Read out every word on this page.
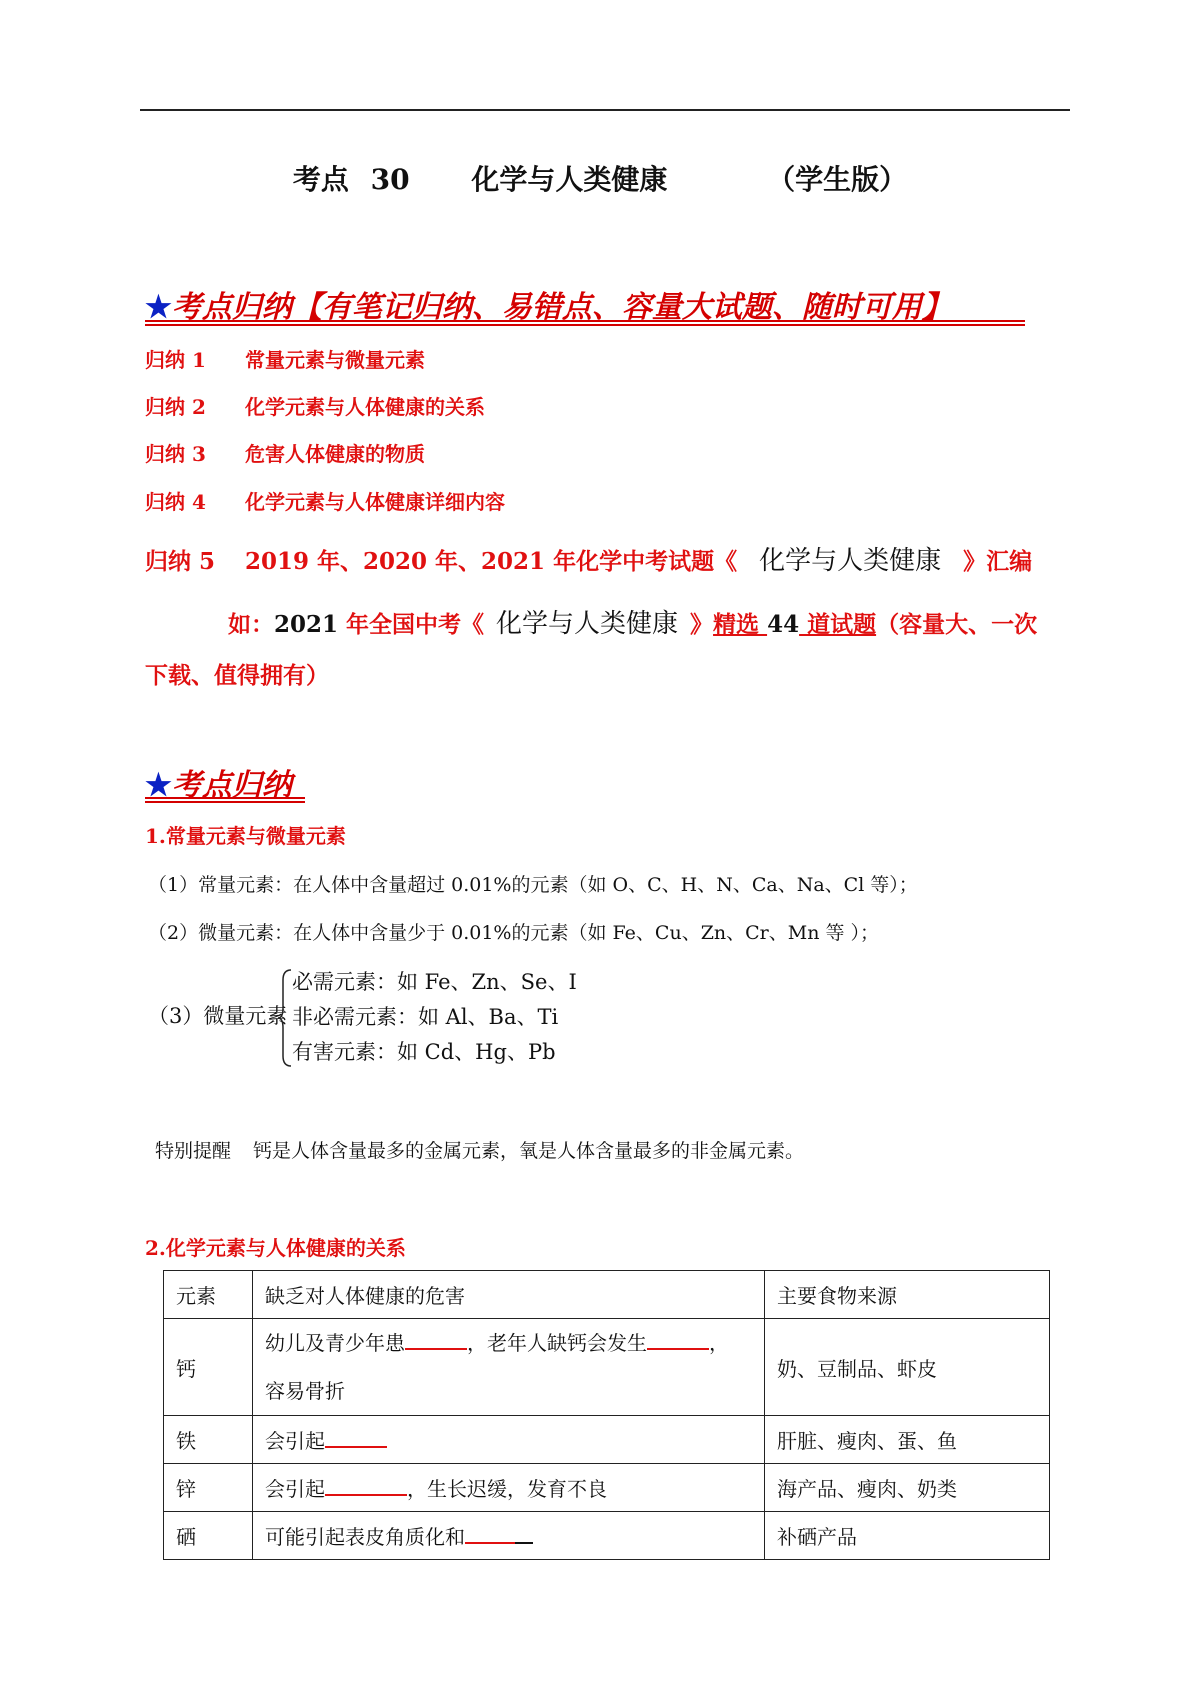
考点 30 化学与人类健康	（学生版）
★考点归纳【有笔记归纳、易错点、容量大试题、随时可用】
归纳 1 常量元素与微量元素
归纳 2 化学元素与人体健康的关系
归纳 3 危害人体健康的物质
归纳 4 化学元素与人体健康详细内容
归纳 5 2019 年、2020 年、2021 年化学中考试题《 化学与人类健康 》汇编
如：2021 年全国中考《 化学与人类健康 》精选 44 道试题（容量大、一次
下载、值得拥有）
★考点归纳
1.常量元素与微量元素
（1）常量元素：在人体中含量超过 0.01%的元素（如 O、C、H、N、Ca、Na、Cl 等）；
（2）微量元素：在人体中含量少于 0.01%的元素（如 Fe、Cu、Zn、Cr、Mn 等 ）；
（3）微量元素
必需元素：如 Fe、Zn、Se、I
非必需元素：如 Al、Ba、Ti
有害元素：如 Cd、Hg、Pb
特别提醒 钙是人体含量最多的金属元素，氧是人体含量最多的非金属元素。
2.化学元素与人体健康的关系
元素	缺乏对人体健康的危害	主要食物来源
钙	幼儿及青少年患 ，老年人缺钙会发生 ，
容易骨折	奶、豆制品、虾皮
铁	会引起	肝脏、瘦肉、蛋、鱼
锌	会引起 ，生长迟缓，发育不良	海产品、瘦肉、奶类
硒	可能引起表皮角质化和	补硒产品
